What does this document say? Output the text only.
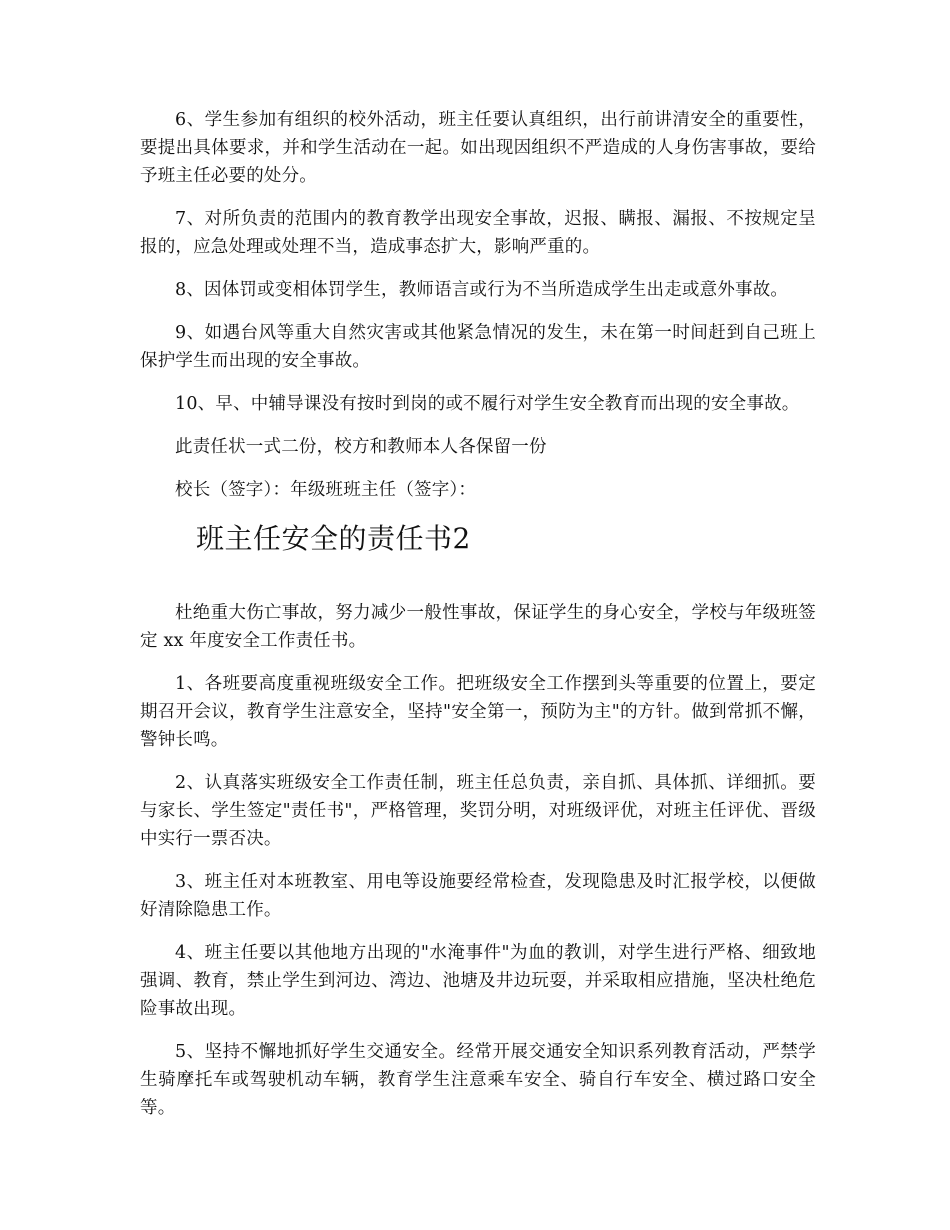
6、学生参加有组织的校外活动，班主任要认真组织，出行前讲清安全的重要性，要提出具体要求，并和学生活动在一起。如出现因组织不严造成的人身伤害事故，要给予班主任必要的处分。

7、对所负责的范围内的教育教学出现安全事故，迟报、瞒报、漏报、不按规定呈报的，应急处理或处理不当，造成事态扩大，影响严重的。

8、因体罚或变相体罚学生，教师语言或行为不当所造成学生出走或意外事故。

9、如遇台风等重大自然灾害或其他紧急情况的发生，未在第一时间赶到自己班上保护学生而出现的安全事故。

10、早、中辅导课没有按时到岗的或不履行对学生安全教育而出现的安全事故。

此责任状一式二份，校方和教师本人各保留一份

校长（签字）：年级班班主任（签字）：

班主任安全的责任书2

杜绝重大伤亡事故，努力减少一般性事故，保证学生的身心安全，学校与年级班签定 xx 年度安全工作责任书。

1、各班要高度重视班级安全工作。把班级安全工作摆到头等重要的位置上，要定期召开会议，教育学生注意安全，坚持"安全第一，预防为主"的方针。做到常抓不懈，警钟长鸣。

2、认真落实班级安全工作责任制，班主任总负责，亲自抓、具体抓、详细抓。要与家长、学生签定"责任书"，严格管理，奖罚分明，对班级评优，对班主任评优、晋级中实行一票否决。

3、班主任对本班教室、用电等设施要经常检查，发现隐患及时汇报学校，以便做好清除隐患工作。

4、班主任要以其他地方出现的"水淹事件"为血的教训，对学生进行严格、细致地强调、教育，禁止学生到河边、湾边、池塘及井边玩耍，并采取相应措施，坚决杜绝危险事故出现。

5、坚持不懈地抓好学生交通安全。经常开展交通安全知识系列教育活动，严禁学生骑摩托车或驾驶机动车辆，教育学生注意乘车安全、骑自行车安全、横过路口安全等。
